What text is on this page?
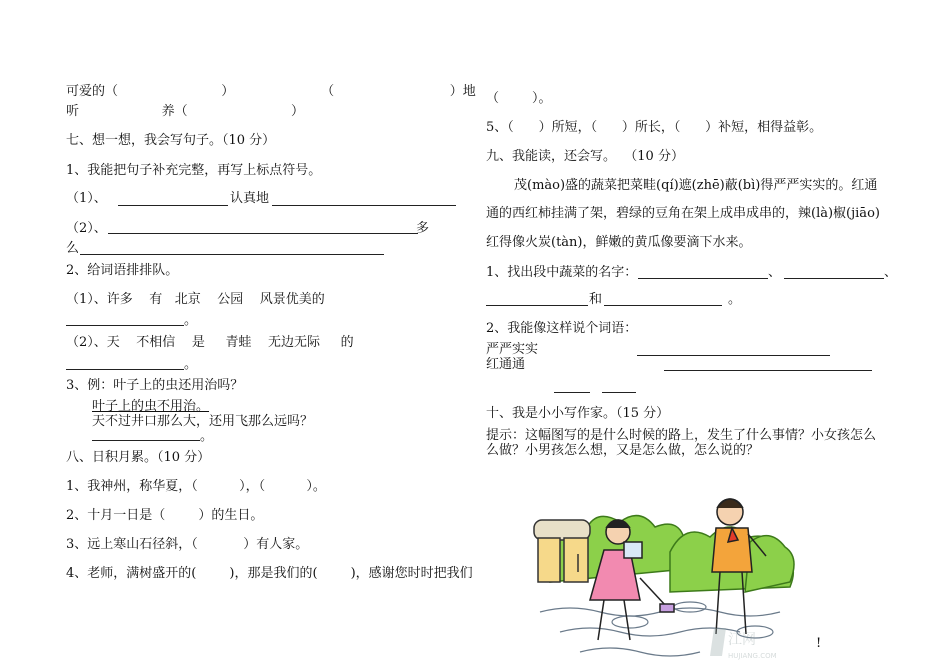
可爱的（                         ）                     （                            ）地
听                    养（                         ）
七、想一想，我会写句子。（10 分）
1、我能把句子补充完整，再写上标点符号。
（1）、	认真地
（2）、	多
么
2、给词语排排队。
（1）、许多    有   北京    公园    风景优美的
。
（2）、天    不相信    是     青蛙    无边无际     的
。
3、例：叶子上的虫还用治吗？
叶子上的虫不用治。
天不过井口那么大，还用飞那么远吗？
。
八、日积月累。（10 分）
1、我神州，称华夏，（          ），（          ）。
2、十月一日是（        ）的生日。
3、远上寒山石径斜，（           ）有人家。
4、老师，满树盛开的(        )，那是我们的(        )，感谢您时时把我们
（        ）。
5、（      ）所短，（      ）所长，（      ）补短，相得益彰。
九、我能读，还会写。  （10 分）
茂(mào)盛的蔬菜把菜畦(qí)遮(zhē)蔽(bì)得严严实实的。红通
通的西红柿挂满了架，碧绿的豆角在架上成串成串的，辣(là)椒(jiāo)
红得像火炭(tàn)，鲜嫩的黄瓜像要滴下水来。
1、找出段中蔬菜的名字：	、	、
和	。
2、我能像这样说个词语：
严严实实
红通通
十、我是小小写作家。（15 分）
提示：这幅图写的是什么时候的路上，发生了什么事情？小女孩怎么
么做？小男孩怎么想，又是怎么做，怎么说的？
江网
HUJIANG.COM
!
